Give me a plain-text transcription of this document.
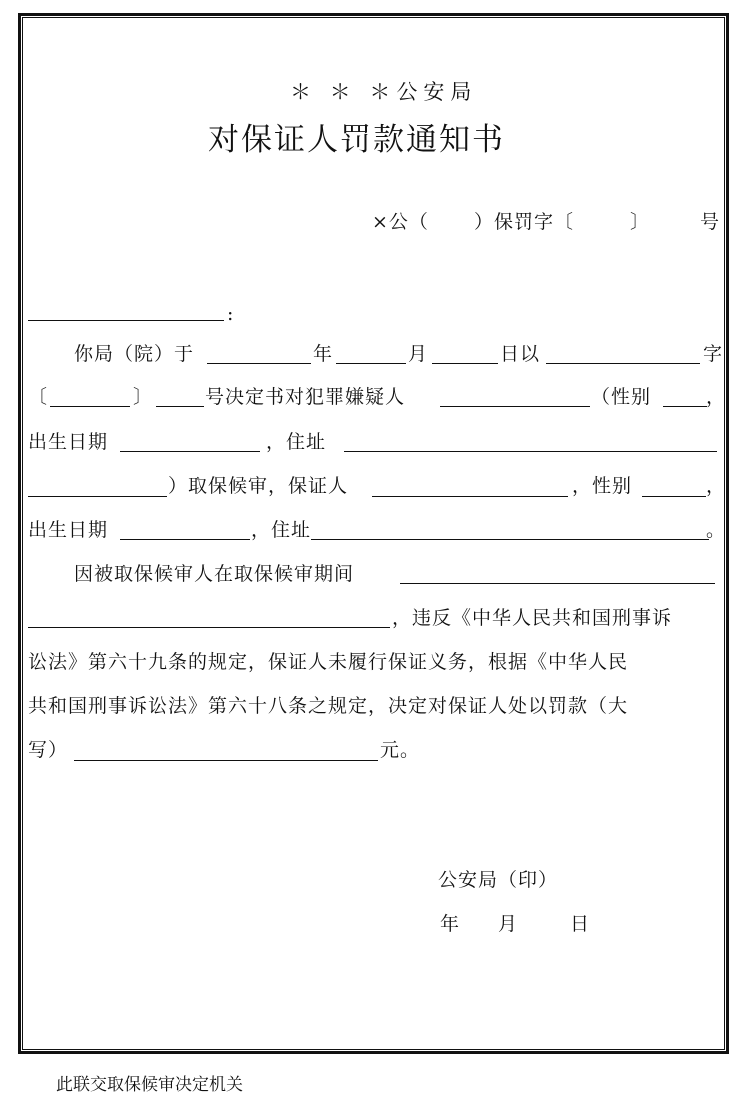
＊ ＊ ＊公安局
对保证人罚款通知书
×公（ ）保罚字〔	〕	号
:
你局（院）于	年	月	日以	字
〔	〕	号决定书对犯罪嫌疑人	（性别	，
出生日期	，住址
）取保候审，保证人	，性别	，
出生日期	，住址	。
因被取保候审人在取保候审期间
，违反《中华人民共和国刑事诉
讼法》第六十九条的规定，保证人未履行保证义务，根据《中华人民
共和国刑事诉讼法》第六十八条之规定，决定对保证人处以罚款（大
写）	元。
公安局（印）
年 月	日
此联交取保候审决定机关
